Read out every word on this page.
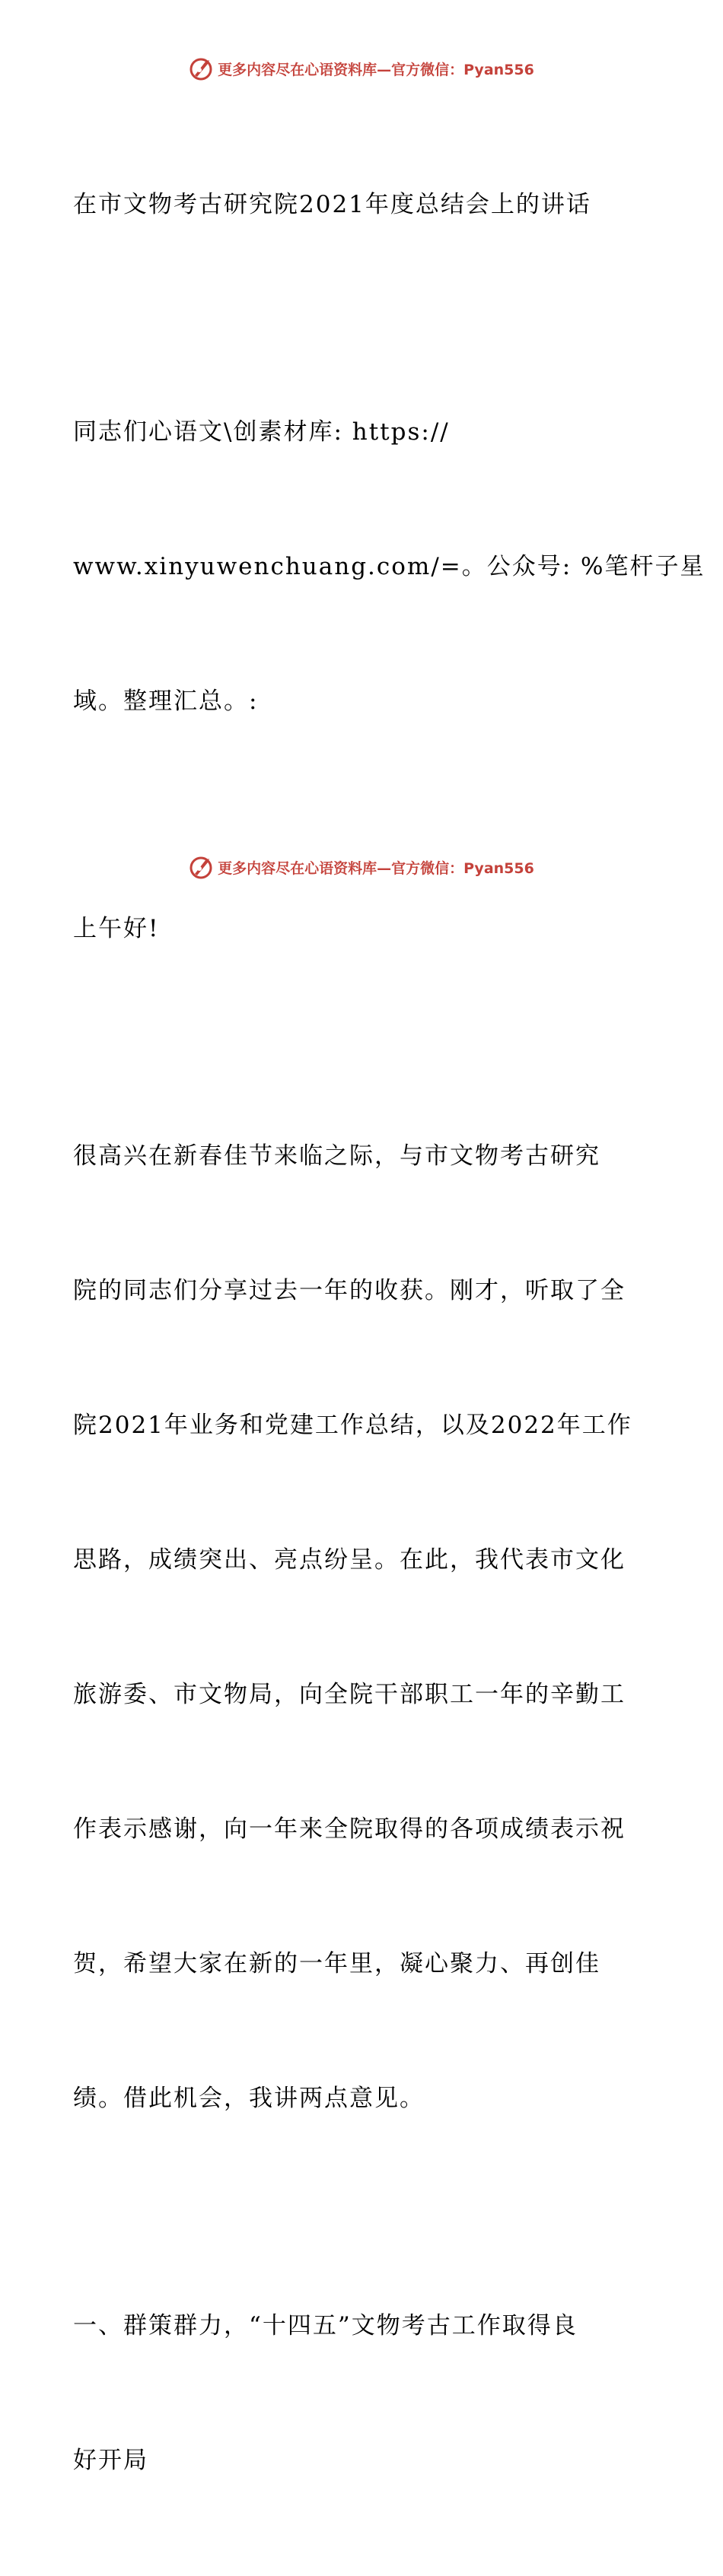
更多内容尽在心语资料库—官方微信：Pyan556

在市文物考古研究院2021年度总结会上的讲话

同志们心语文\创素材库: https://

www.xinyuwenchuang.com/=。公众号: %笔杆子星

域。整理汇总。:

上午好!

很高兴在新春佳节来临之际，与市文物考古研究

院的同志们分享过去一年的收获。刚才，听取了全

院2021年业务和党建工作总结，以及2022年工作

思路，成绩突出、亮点纷呈。在此，我代表市文化

旅游委、市文物局，向全院干部职工一年的辛勤工

作表示感谢，向一年来全院取得的各项成绩表示祝

贺，希望大家在新的一年里，凝心聚力、再创佳

绩。借此机会，我讲两点意见。

一、群策群力，“十四五”文物考古工作取得良

好开局

更多内容尽在心语资料库—官方微信：Pyan556
